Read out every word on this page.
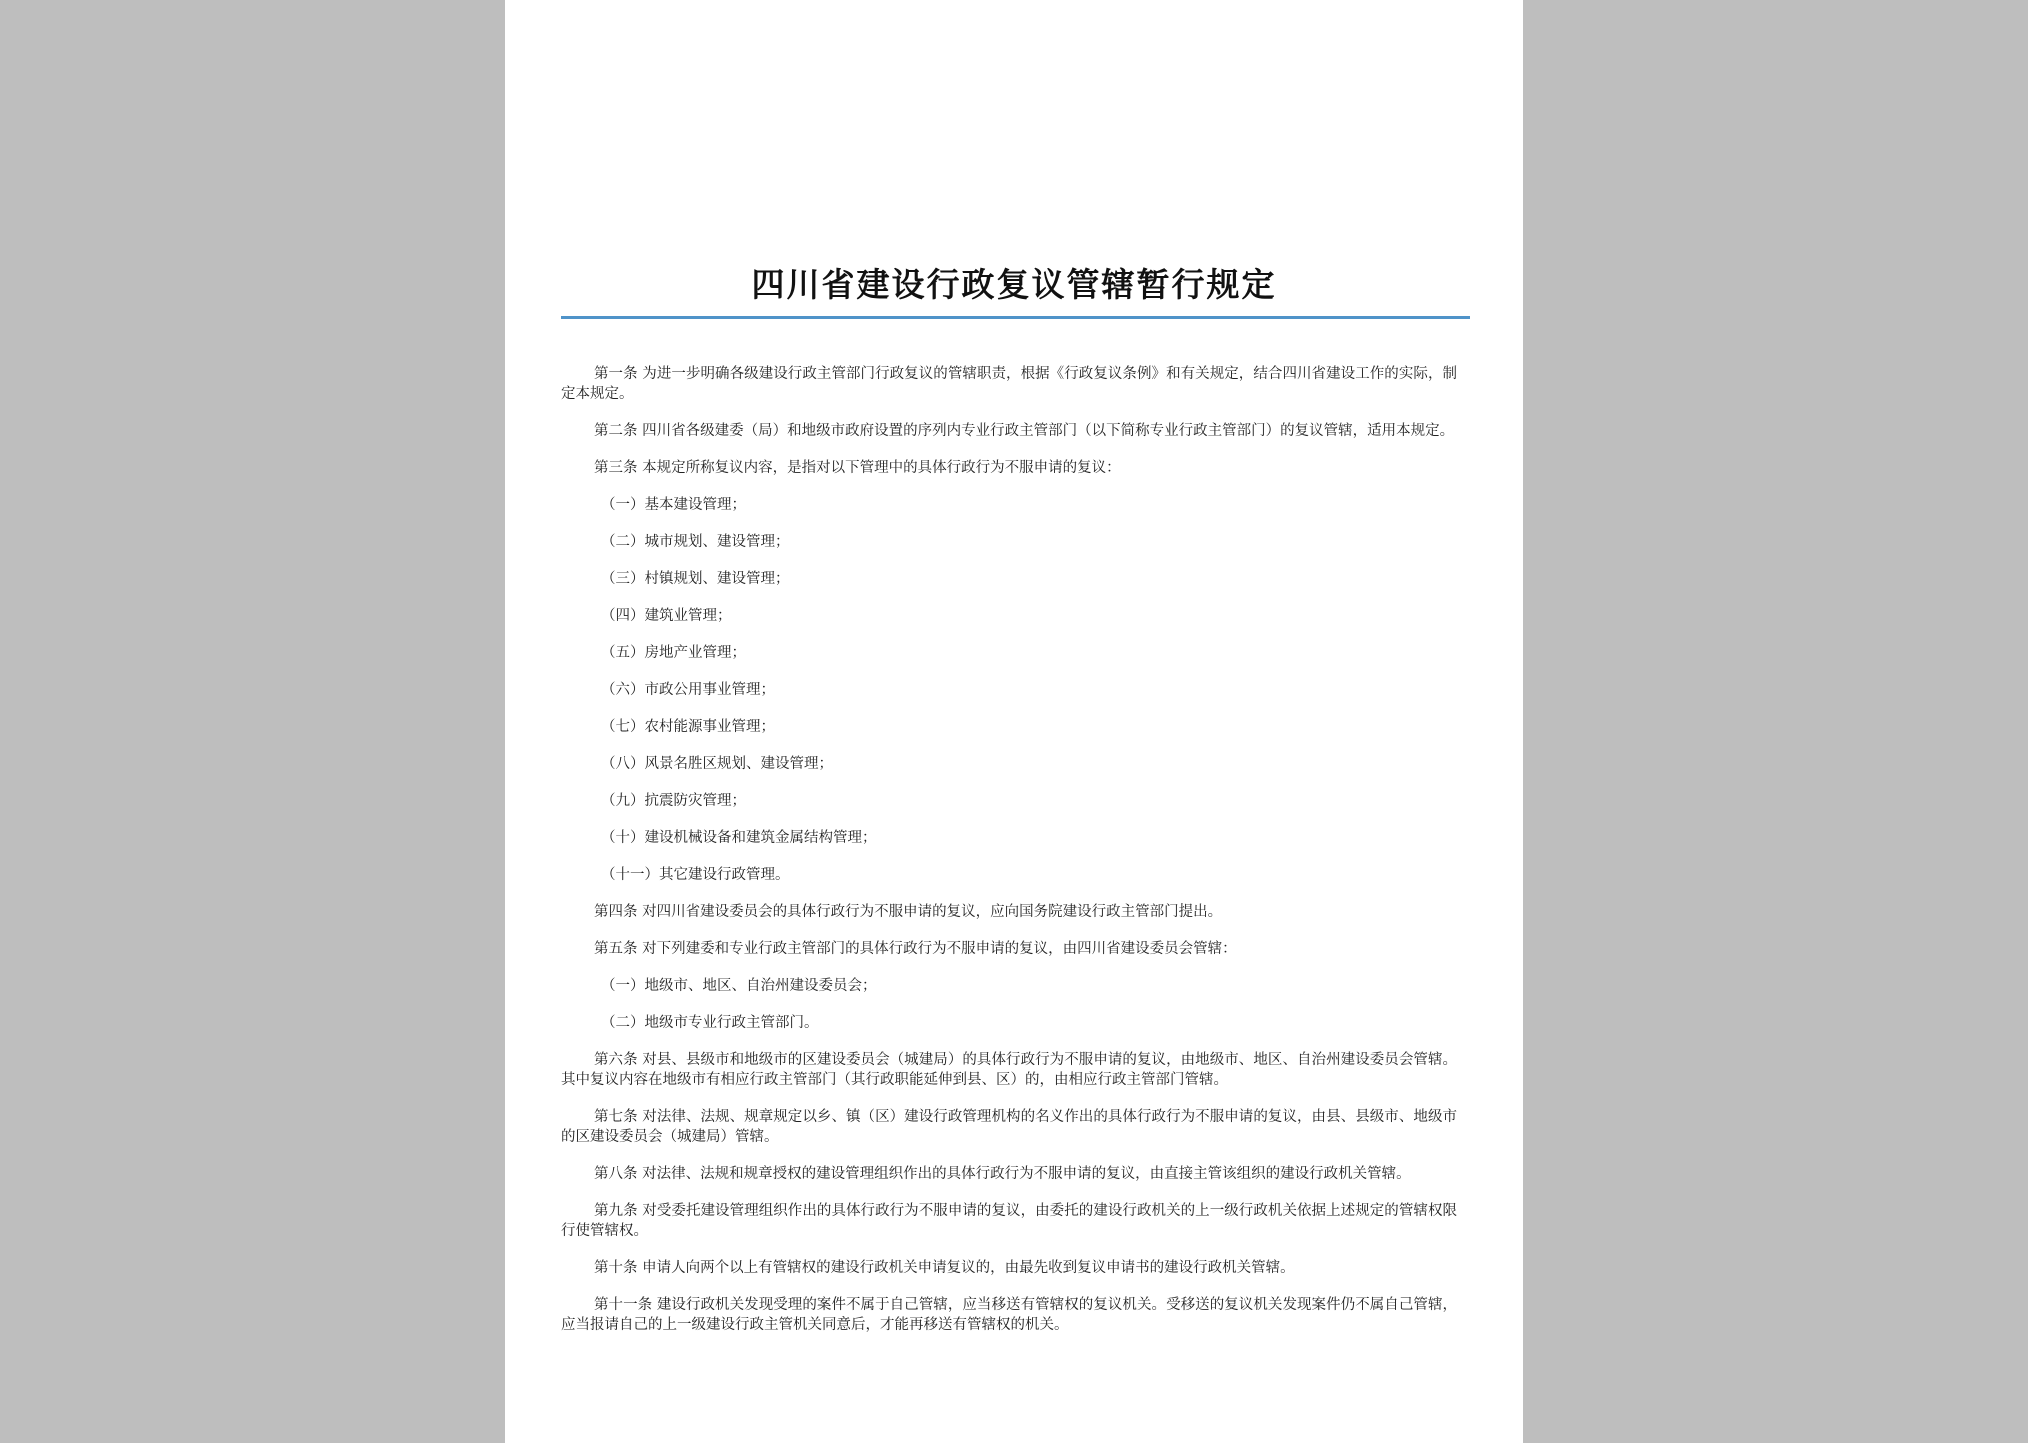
四川省建设行政复议管辖暂行规定

第一条 为进一步明确各级建设行政主管部门行政复议的管辖职责，根据《行政复议条例》和有关规定，结合四川省建设工作的实际，制定本规定。

第二条 四川省各级建委（局）和地级市政府设置的序列内专业行政主管部门（以下简称专业行政主管部门）的复议管辖，适用本规定。

第三条 本规定所称复议内容，是指对以下管理中的具体行政行为不服申请的复议：

（一）基本建设管理；

（二）城市规划、建设管理；

（三）村镇规划、建设管理；

（四）建筑业管理；

（五）房地产业管理；

（六）市政公用事业管理；

（七）农村能源事业管理；

（八）风景名胜区规划、建设管理；

（九）抗震防灾管理；

（十）建设机械设备和建筑金属结构管理；

（十一）其它建设行政管理。

第四条 对四川省建设委员会的具体行政行为不服申请的复议，应向国务院建设行政主管部门提出。

第五条 对下列建委和专业行政主管部门的具体行政行为不服申请的复议，由四川省建设委员会管辖：

（一）地级市、地区、自治州建设委员会；

（二）地级市专业行政主管部门。

第六条 对县、县级市和地级市的区建设委员会（城建局）的具体行政行为不服申请的复议，由地级市、地区、自治州建设委员会管辖。其中复议内容在地级市有相应行政主管部门（其行政职能延伸到县、区）的，由相应行政主管部门管辖。

第七条 对法律、法规、规章规定以乡、镇（区）建设行政管理机构的名义作出的具体行政行为不服申请的复议，由县、县级市、地级市的区建设委员会（城建局）管辖。

第八条 对法律、法规和规章授权的建设管理组织作出的具体行政行为不服申请的复议，由直接主管该组织的建设行政机关管辖。

第九条 对受委托建设管理组织作出的具体行政行为不服申请的复议，由委托的建设行政机关的上一级行政机关依据上述规定的管辖权限行使管辖权。

第十条 申请人向两个以上有管辖权的建设行政机关申请复议的，由最先收到复议申请书的建设行政机关管辖。

第十一条 建设行政机关发现受理的案件不属于自己管辖，应当移送有管辖权的复议机关。受移送的复议机关发现案件仍不属自己管辖，应当报请自己的上一级建设行政主管机关同意后，才能再移送有管辖权的机关。
